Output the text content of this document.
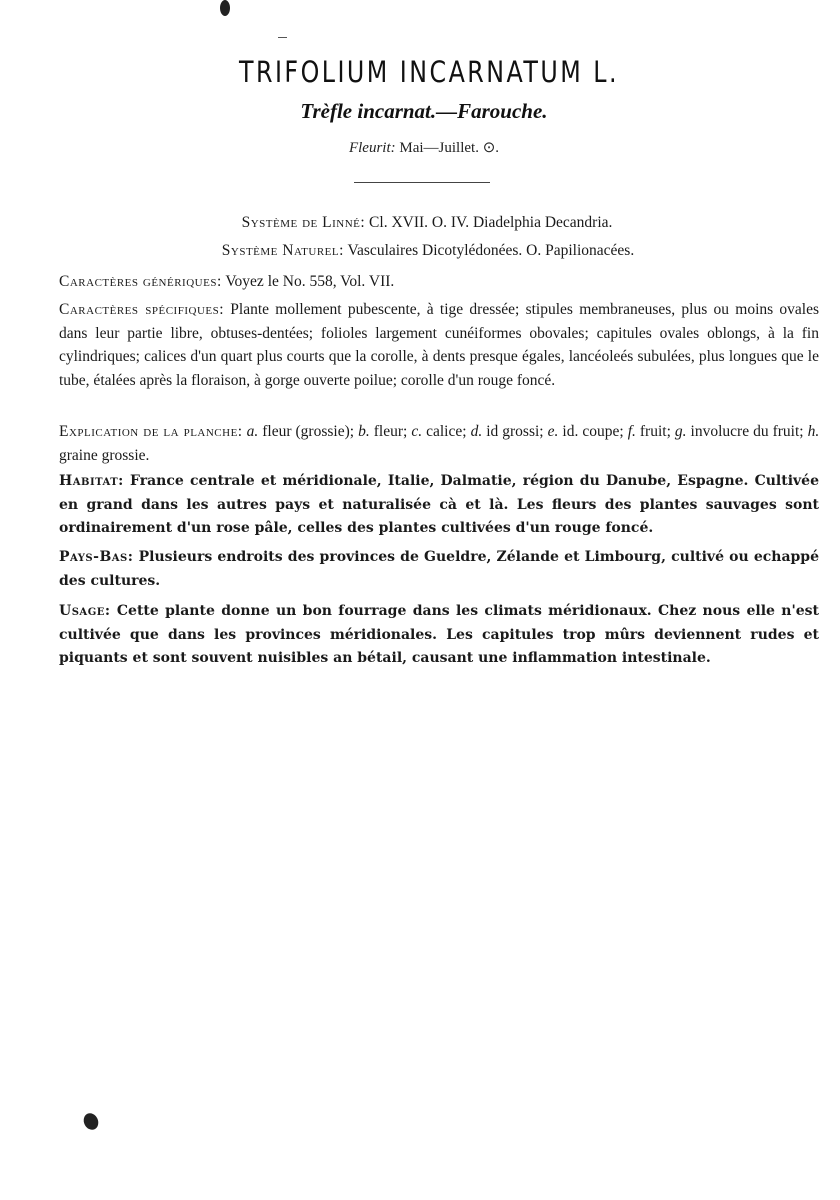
TRIFOLIUM INCARNATUM L.
Trèfle incarnat.—Farouche.
Fleurit: Mai—Juillet. ⊙.
Système de Linné: Cl. XVII. O. IV. Diadelphia Decandria.
Système Naturel: Vasculaires Dicotylédonées. O. Papilionacées.

Caractères génériques: Voyez le No. 558, Vol. VII.

Caractères spécifiques: Plante mollement pubescente, à tige dressée; stipules membraneuses, plus ou moins ovales dans leur partie libre, obtuses-dentées; folioles largement cunéiformes obovales; capitules ovales oblongs, à la fin cylindriques; calices d'un quart plus courts que la corolle, à dents presque égales, lancéoleés subulées, plus longues que le tube, étalées après la floraison, à gorge ouverte poilue; corolle d'un rouge foncé.

Explication de la planche: a. fleur (grossie); b. fleur; c. calice; d. id grossi; e. id. coupe; f. fruit; g. involucre du fruit; h. graine grossie.

Habitat: France centrale et méridionale, Italie, Dalmatie, région du Danube, Espagne. Cultivée en grand dans les autres pays et naturalisée cà et là. Les fleurs des plantes sauvages sont ordinairement d'un rose pâle, celles des plantes cultivées d'un rouge foncé.

Pays-Bas: Plusieurs endroits des provinces de Gueldre, Zélande et Limbourg, cultivé ou echappé des cultures.

Usage: Cette plante donne un bon fourrage dans les climats méridionaux. Chez nous elle n'est cultivée que dans les provinces méridionales. Les capitules trop mûrs deviennent rudes et piquants et sont souvent nuisibles an bétail, causant une inflammation intestinale.
